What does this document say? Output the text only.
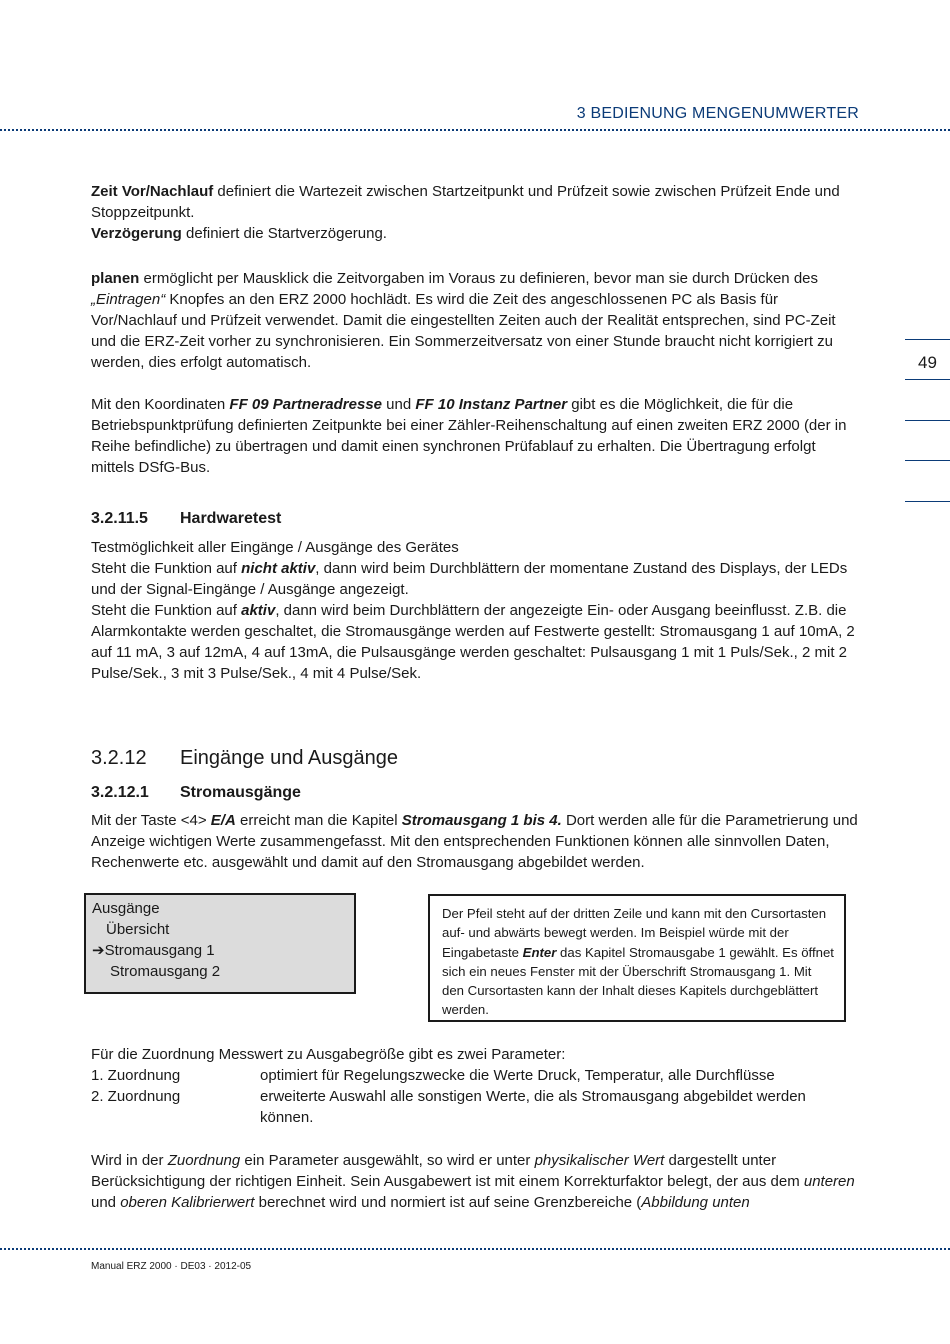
3 BEDIENUNG MENGENUMWERTER
49

Zeit Vor/Nachlauf definiert die Wartezeit zwischen Startzeitpunkt und Prüfzeit sowie zwischen Prüfzeit Ende und Stoppzeitpunkt.

Verzögerung definiert die Startverzögerung.

planen ermöglicht per Mausklick die Zeitvorgaben im Voraus zu definieren, bevor man sie durch Drücken des „Eintragen“ Knopfes an den ERZ 2000 hochlädt. Es wird die Zeit des angeschlossenen PC als Basis für Vor/Nachlauf und Prüfzeit verwendet. Damit die eingestellten Zeiten auch der Realität entsprechen, sind PC-Zeit und die ERZ-Zeit vorher zu synchronisieren. Ein Sommerzeitversatz von einer Stunde braucht nicht korrigiert zu werden, dies erfolgt automatisch.

Mit den Koordinaten FF 09 Partneradresse und FF 10 Instanz Partner gibt es die Möglichkeit, die für die Betriebspunktprüfung definierten Zeitpunkte bei einer Zähler-Reihenschaltung auf einen zweiten ERZ 2000 (der in Reihe befindliche) zu übertragen und damit einen synchronen Prüfablauf zu erhalten. Die Übertragung erfolgt mittels DSfG-Bus.

3.2.11.5 Hardwaretest

Testmöglichkeit aller Eingänge / Ausgänge des Gerätes

Steht die Funktion auf nicht aktiv, dann wird beim Durchblättern der momentane Zustand des Displays, der LEDs und der Signal-Eingänge / Ausgänge angezeigt.

Steht die Funktion auf aktiv, dann wird beim Durchblättern der angezeigte Ein- oder Ausgang beeinflusst. Z.B. die Alarmkontakte werden geschaltet, die Stromausgänge werden auf Festwerte gestellt: Stromausgang 1 auf 10mA, 2 auf 11 mA, 3 auf 12mA, 4 auf 13mA, die Pulsausgänge werden geschaltet: Pulsausgang 1 mit 1 Puls/Sek., 2 mit 2 Pulse/Sek., 3 mit 3 Pulse/Sek., 4 mit 4 Pulse/Sek.

3.2.12 Eingänge und Ausgänge
3.2.12.1 Stromausgänge

Mit der Taste <4> E/A erreicht man die Kapitel Stromausgang 1 bis 4. Dort werden alle für die Parametrierung und Anzeige wichtigen Werte zusammengefasst. Mit den entsprechenden Funktionen können alle sinnvollen Daten, Rechenwerte etc. ausgewählt und damit auf den Stromausgang abgebildet werden.

Ausgänge
Übersicht
➔Stromausgang 1
Stromausgang 2
Der Pfeil steht auf der dritten Zeile und kann mit den Cursortasten auf- und abwärts bewegt werden. Im Beispiel würde mit der Eingabetaste Enter das Kapitel Stromausgabe 1 gewählt. Es öffnet sich ein neues Fenster mit der Überschrift Stromausgang 1. Mit den Cursortasten kann der Inhalt dieses Kapitels durchgeblättert werden.

Für die Zuordnung Messwert zu Ausgabegröße gibt es zwei Parameter:

1. Zuordnung	optimiert für Regelungszwecke die Werte Druck, Temperatur, alle Durchflüsse
2. Zuordnung	erweiterte Auswahl alle sonstigen Werte, die als Stromausgang abgebildet werden können.

Wird in der Zuordnung ein Parameter ausgewählt, so wird er unter physikalischer Wert dargestellt unter Berücksichtigung der richtigen Einheit. Sein Ausgabewert ist mit einem Korrekturfaktor belegt, der aus dem unteren und oberen Kalibrierwert berechnet wird und normiert ist auf seine Grenzbereiche (Abbildung unten

Manual ERZ 2000 · DE03 · 2012-05
